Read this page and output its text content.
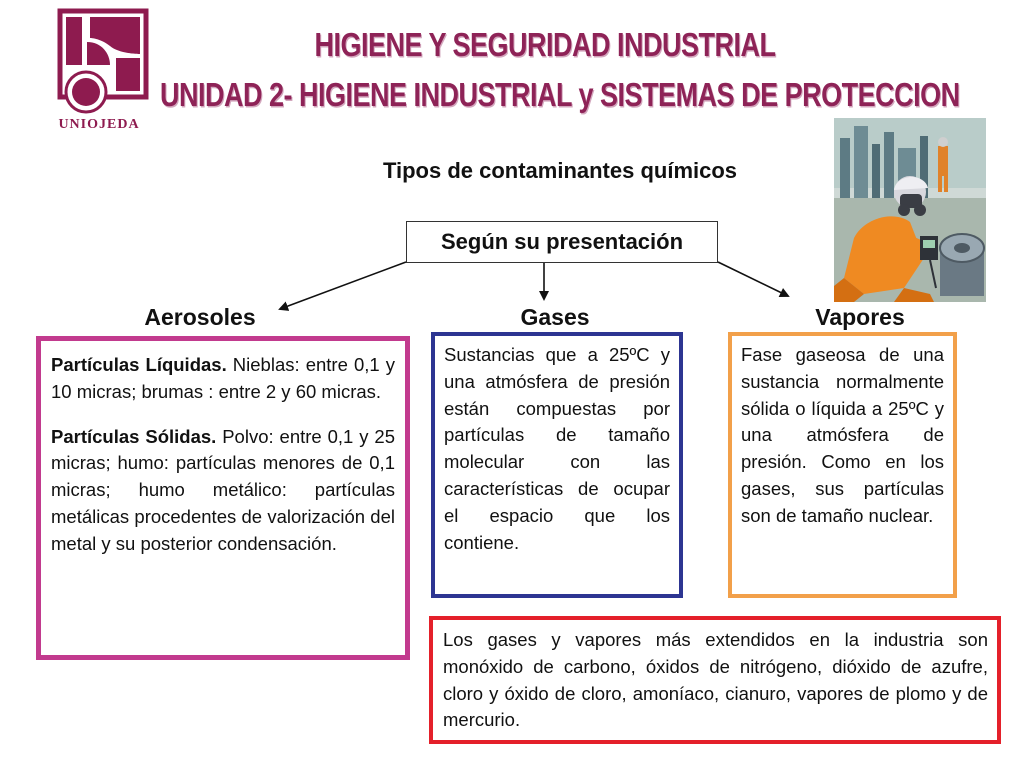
UNIOJEDA
HIGIENE Y SEGURIDAD INDUSTRIAL
UNIDAD 2- HIGIENE INDUSTRIAL y SISTEMAS DE PROTECCION
Tipos de contaminantes químicos
Según su presentación
Aerosoles	Gases	Vapores

Partículas Líquidas. Nieblas: entre 0,1 y 10 micras; brumas : entre 2 y 60 micras.

Partículas Sólidas. Polvo: entre 0,1 y 25 micras; humo: partículas menores de 0,1 micras; humo metálico: partículas metálicas procedentes de valorización del metal y su posterior condensación.

Sustancias que a 25ºC y una atmósfera de presión están compuestas por partículas de tamaño molecular con las características de ocupar el espacio que los contiene.

Fase gaseosa de una sustancia normalmente sólida o líquida a 25ºC y una atmósfera de presión. Como en los gases, sus partículas son de tamaño nuclear.

Los gases y vapores más extendidos en la industria son monóxido de carbono, óxidos de nitrógeno, dióxido de azufre, cloro y óxido de cloro, amoníaco, cianuro, vapores de plomo y de mercurio.
